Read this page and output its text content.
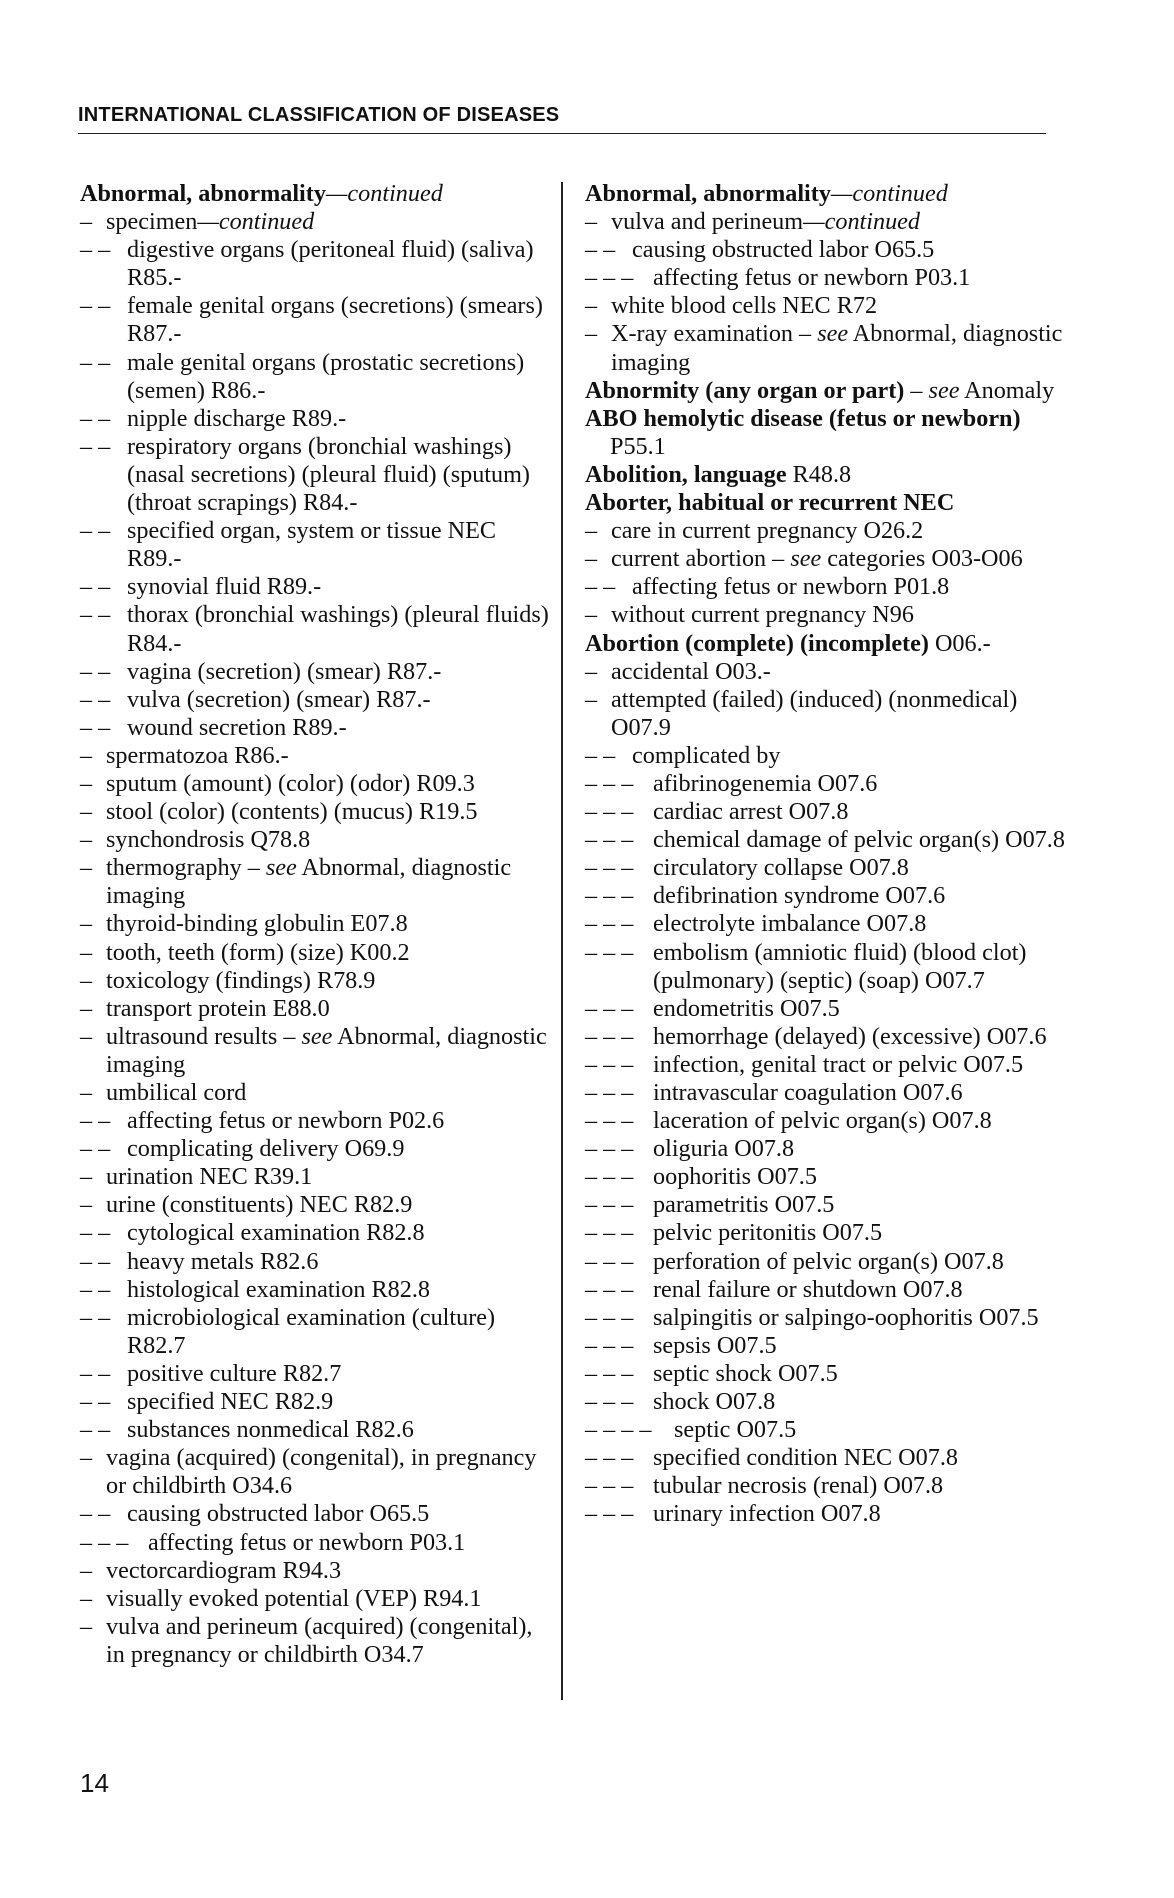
INTERNATIONAL CLASSIFICATION OF DISEASES
Abnormal, abnormality—continued
– specimen—continued
– – digestive organs (peritoneal fluid) (saliva) R85.-
– – female genital organs (secretions) (smears) R87.-
– – male genital organs (prostatic secretions) (semen) R86.-
– – nipple discharge R89.-
– – respiratory organs (bronchial washings) (nasal secretions) (pleural fluid) (sputum) (throat scrapings) R84.-
– – specified organ, system or tissue NEC R89.-
– – synovial fluid R89.-
– – thorax (bronchial washings) (pleural fluids) R84.-
– – vagina (secretion) (smear) R87.-
– – vulva (secretion) (smear) R87.-
– – wound secretion R89.-
– spermatozoa R86.-
– sputum (amount) (color) (odor) R09.3
– stool (color) (contents) (mucus) R19.5
– synchondrosis Q78.8
– thermography – see Abnormal, diagnostic imaging
– thyroid-binding globulin E07.8
– tooth, teeth (form) (size) K00.2
– toxicology (findings) R78.9
– transport protein E88.0
– ultrasound results – see Abnormal, diagnostic imaging
– umbilical cord
– – affecting fetus or newborn P02.6
– – complicating delivery O69.9
– urination NEC R39.1
– urine (constituents) NEC R82.9
– – cytological examination R82.8
– – heavy metals R82.6
– – histological examination R82.8
– – microbiological examination (culture) R82.7
– – positive culture R82.7
– – specified NEC R82.9
– – substances nonmedical R82.6
– vagina (acquired) (congenital), in pregnancy or childbirth O34.6
– – causing obstructed labor O65.5
– – – affecting fetus or newborn P03.1
– vectorcardiogram R94.3
– visually evoked potential (VEP) R94.1
– vulva and perineum (acquired) (congenital), in pregnancy or childbirth O34.7
Abnormal, abnormality—continued
– vulva and perineum—continued
– – causing obstructed labor O65.5
– – – affecting fetus or newborn P03.1
– white blood cells NEC R72
– X-ray examination – see Abnormal, diagnostic imaging
Abnormity (any organ or part) – see Anomaly
ABO hemolytic disease (fetus or newborn) P55.1
Abolition, language R48.8
Aborter, habitual or recurrent NEC
– care in current pregnancy O26.2
– current abortion – see categories O03-O06
– – affecting fetus or newborn P01.8
– without current pregnancy N96
Abortion (complete) (incomplete) O06.-
– accidental O03.-
– attempted (failed) (induced) (nonmedical) O07.9
– – complicated by
– – – afibrinogenemia O07.6
– – – cardiac arrest O07.8
– – – chemical damage of pelvic organ(s) O07.8
– – – circulatory collapse O07.8
– – – defibrination syndrome O07.6
– – – electrolyte imbalance O07.8
– – – embolism (amniotic fluid) (blood clot) (pulmonary) (septic) (soap) O07.7
– – – endometritis O07.5
– – – hemorrhage (delayed) (excessive) O07.6
– – – infection, genital tract or pelvic O07.5
– – – intravascular coagulation O07.6
– – – laceration of pelvic organ(s) O07.8
– – – oliguria O07.8
– – – oophoritis O07.5
– – – parametritis O07.5
– – – pelvic peritonitis O07.5
– – – perforation of pelvic organ(s) O07.8
– – – renal failure or shutdown O07.8
– – – salpingitis or salpingo-oophoritis O07.5
– – – sepsis O07.5
– – – septic shock O07.5
– – – shock O07.8
– – – – septic O07.5
– – – specified condition NEC O07.8
– – – tubular necrosis (renal) O07.8
– – – urinary infection O07.8
14
